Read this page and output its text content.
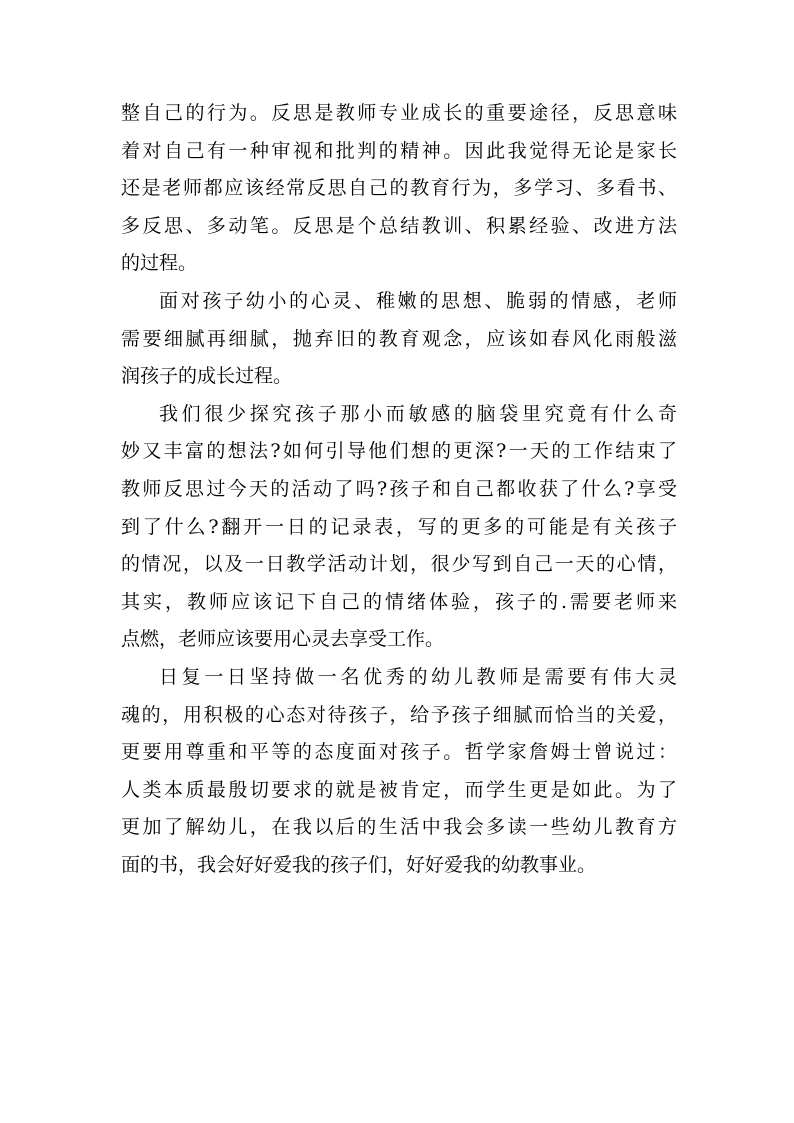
整自己的行为。反思是教师专业成长的重要途径，反思意味
着对自己有一种审视和批判的精神。因此我觉得无论是家长
还是老师都应该经常反思自己的教育行为，多学习、多看书、
多反思、多动笔。反思是个总结教训、积累经验、改进方法
的过程。
面对孩子幼小的心灵、稚嫩的思想、脆弱的情感，老师
需要细腻再细腻，抛弃旧的教育观念，应该如春风化雨般滋
润孩子的成长过程。
我们很少探究孩子那小而敏感的脑袋里究竟有什么奇
妙又丰富的想法?如何引导他们想的更深?一天的工作结束了
教师反思过今天的活动了吗?孩子和自己都收获了什么?享受
到了什么?翻开一日的记录表，写的更多的可能是有关孩子
的情况，以及一日教学活动计划，很少写到自己一天的心情，
其实，教师应该记下自己的情绪体验，孩子的.需要老师来
点燃，老师应该要用心灵去享受工作。
日复一日坚持做一名优秀的幼儿教师是需要有伟大灵
魂的，用积极的心态对待孩子，给予孩子细腻而恰当的关爱，
更要用尊重和平等的态度面对孩子。哲学家詹姆士曾说过：
人类本质最殷切要求的就是被肯定，而学生更是如此。为了
更加了解幼儿，在我以后的生活中我会多读一些幼儿教育方
面的书，我会好好爱我的孩子们，好好爱我的幼教事业。
